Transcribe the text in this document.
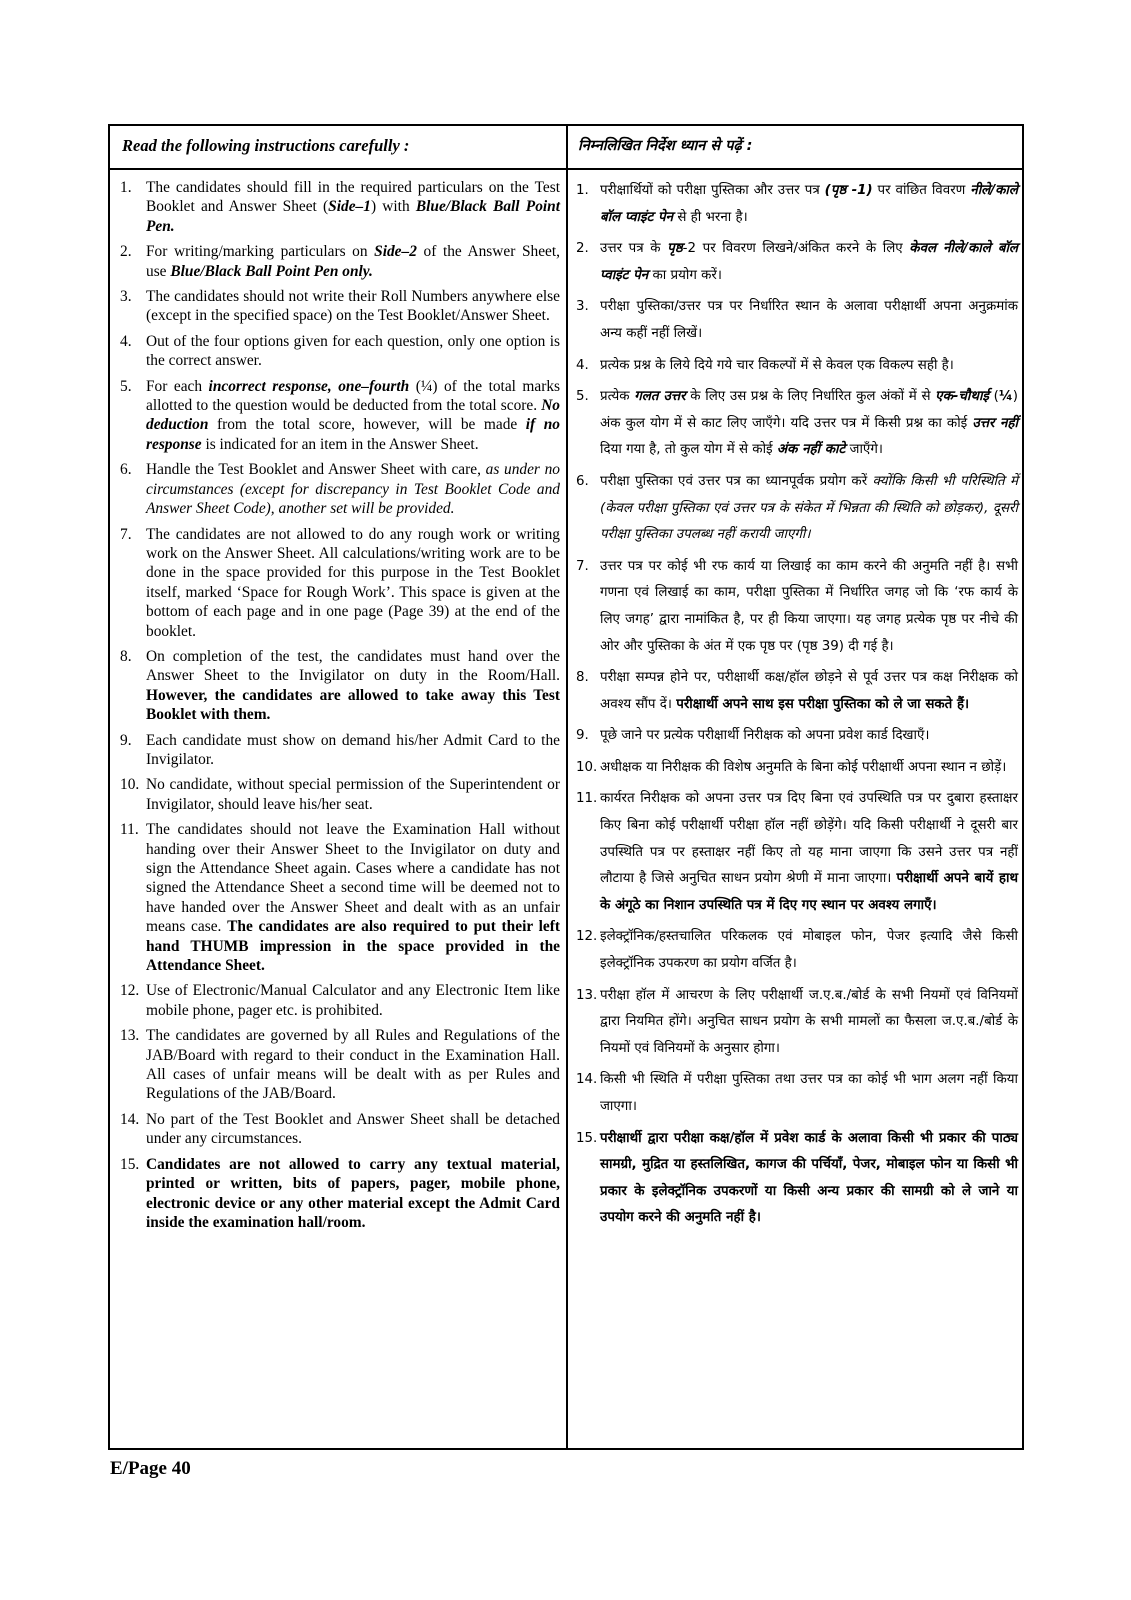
Read the following instructions carefully :	निम्नलिखित निर्देश ध्यान से पढ़ें :
1. The candidates should fill in the required particulars on the Test Booklet and Answer Sheet (Side–1) with Blue/Black Ball Point Pen.
2. For writing/marking particulars on Side–2 of the Answer Sheet, use Blue/Black Ball Point Pen only.
3. The candidates should not write their Roll Numbers anywhere else (except in the specified space) on the Test Booklet/Answer Sheet.
4. Out of the four options given for each question, only one option is the correct answer.
5. For each incorrect response, one–fourth (¼) of the total marks allotted to the question would be deducted from the total score. No deduction from the total score, however, will be made if no response is indicated for an item in the Answer Sheet.
6. Handle the Test Booklet and Answer Sheet with care, as under no circumstances (except for discrepancy in Test Booklet Code and Answer Sheet Code), another set will be provided.
7. The candidates are not allowed to do any rough work or writing work on the Answer Sheet. All calculations/writing work are to be done in the space provided for this purpose in the Test Booklet itself, marked ‘Space for Rough Work’. This space is given at the bottom of each page and in one page (Page 39) at the end of the booklet.
8. On completion of the test, the candidates must hand over the Answer Sheet to the Invigilator on duty in the Room/Hall. However, the candidates are allowed to take away this Test Booklet with them.
9. Each candidate must show on demand his/her Admit Card to the Invigilator.
10. No candidate, without special permission of the Superintendent or Invigilator, should leave his/her seat.
11. The candidates should not leave the Examination Hall without handing over their Answer Sheet to the Invigilator on duty and sign the Attendance Sheet again. Cases where a candidate has not signed the Attendance Sheet a second time will be deemed not to have handed over the Answer Sheet and dealt with as an unfair means case. The candidates are also required to put their left hand THUMB impression in the space provided in the Attendance Sheet.
12. Use of Electronic/Manual Calculator and any Electronic Item like mobile phone, pager etc. is prohibited.
13. The candidates are governed by all Rules and Regulations of the JAB/Board with regard to their conduct in the Examination Hall. All cases of unfair means will be dealt with as per Rules and Regulations of the JAB/Board.
14. No part of the Test Booklet and Answer Sheet shall be detached under any circumstances.
15. Candidates are not allowed to carry any textual material, printed or written, bits of papers, pager, mobile phone, electronic device or any other material except the Admit Card inside the examination hall/room.
1. परीक्षार्थियों को परीक्षा पुस्तिका और उत्तर पत्र (पृष्ठ -1) पर वांछित विवरण नीले/काले बॉल प्वाइंट पेन से ही भरना है।
2. उत्तर पत्र के पृष्ठ-2 पर विवरण लिखने/अंकित करने के लिए केवल नीले/काले बॉल प्वाइंट पेन का प्रयोग करें।
3. परीक्षा पुस्तिका/उत्तर पत्र पर निर्धारित स्थान के अलावा परीक्षार्थी अपना अनुक्रमांक अन्य कहीं नहीं लिखें।
4. प्रत्येक प्रश्न के लिये दिये गये चार विकल्पों में से केवल एक विकल्प सही है।
5. प्रत्येक गलत उत्तर के लिए उस प्रश्न के लिए निर्धारित कुल अंकों में से एक-चौथाई (¼) अंक कुल योग में से काट लिए जाएँगे। यदि उत्तर पत्र में किसी प्रश्न का कोई उत्तर नहीं दिया गया है, तो कुल योग में से कोई अंक नहीं काटे जाएँगे।
6. परीक्षा पुस्तिका एवं उत्तर पत्र का ध्यानपूर्वक प्रयोग करें क्योंकि किसी भी परिस्थिति में (केवल परीक्षा पुस्तिका एवं उत्तर पत्र के संकेत में भिन्नता की स्थिति को छोड़कर), दूसरी परीक्षा पुस्तिका उपलब्ध नहीं करायी जाएगी।
7. उत्तर पत्र पर कोई भी रफ कार्य या लिखाई का काम करने की अनुमति नहीं है। सभी गणना एवं लिखाई का काम, परीक्षा पुस्तिका में निर्धारित जगह जो कि ‘रफ कार्य के लिए जगह’ द्वारा नामांकित है, पर ही किया जाएगा। यह जगह प्रत्येक पृष्ठ पर नीचे की ओर और पुस्तिका के अंत में एक पृष्ठ पर (पृष्ठ 39) दी गई है।
8. परीक्षा सम्पन्न होने पर, परीक्षार्थी कक्ष/हॉल छोड़ने से पूर्व उत्तर पत्र कक्ष निरीक्षक को अवश्य सौंप दें। परीक्षार्थी अपने साथ इस परीक्षा पुस्तिका को ले जा सकते हैं।
9. पूछे जाने पर प्रत्येक परीक्षार्थी निरीक्षक को अपना प्रवेश कार्ड दिखाएँ।
10. अधीक्षक या निरीक्षक की विशेष अनुमति के बिना कोई परीक्षार्थी अपना स्थान न छोड़ें।
11. कार्यरत निरीक्षक को अपना उत्तर पत्र दिए बिना एवं उपस्थिति पत्र पर दुबारा हस्ताक्षर किए बिना कोई परीक्षार्थी परीक्षा हॉल नहीं छोड़ेंगे। यदि किसी परीक्षार्थी ने दूसरी बार उपस्थिति पत्र पर हस्ताक्षर नहीं किए तो यह माना जाएगा कि उसने उत्तर पत्र नहीं लौटाया है जिसे अनुचित साधन प्रयोग श्रेणी में माना जाएगा। परीक्षार्थी अपने बायें हाथ के अंगूठे का निशान उपस्थिति पत्र में दिए गए स्थान पर अवश्य लगाएँ।
12. इलेक्ट्रॉनिक/हस्तचालित परिकलक एवं मोबाइल फोन, पेजर इत्यादि जैसे किसी इलेक्ट्रॉनिक उपकरण का प्रयोग वर्जित है।
13. परीक्षा हॉल में आचरण के लिए परीक्षार्थी ज.ए.ब./बोर्ड के सभी नियमों एवं विनियमों द्वारा नियमित होंगे। अनुचित साधन प्रयोग के सभी मामलों का फैसला ज.ए.ब./बोर्ड के नियमों एवं विनियमों के अनुसार होगा।
14. किसी भी स्थिति में परीक्षा पुस्तिका तथा उत्तर पत्र का कोई भी भाग अलग नहीं किया जाएगा।
15. परीक्षार्थी द्वारा परीक्षा कक्ष/हॉल में प्रवेश कार्ड के अलावा किसी भी प्रकार की पाठ्य सामग्री, मुद्रित या हस्तलिखित, कागज की पर्चियाँ, पेजर, मोबाइल फोन या किसी भी प्रकार के इलेक्ट्रॉनिक उपकरणों या किसी अन्य प्रकार की सामग्री को ले जाने या उपयोग करने की अनुमति नहीं है।
E/Page 40
